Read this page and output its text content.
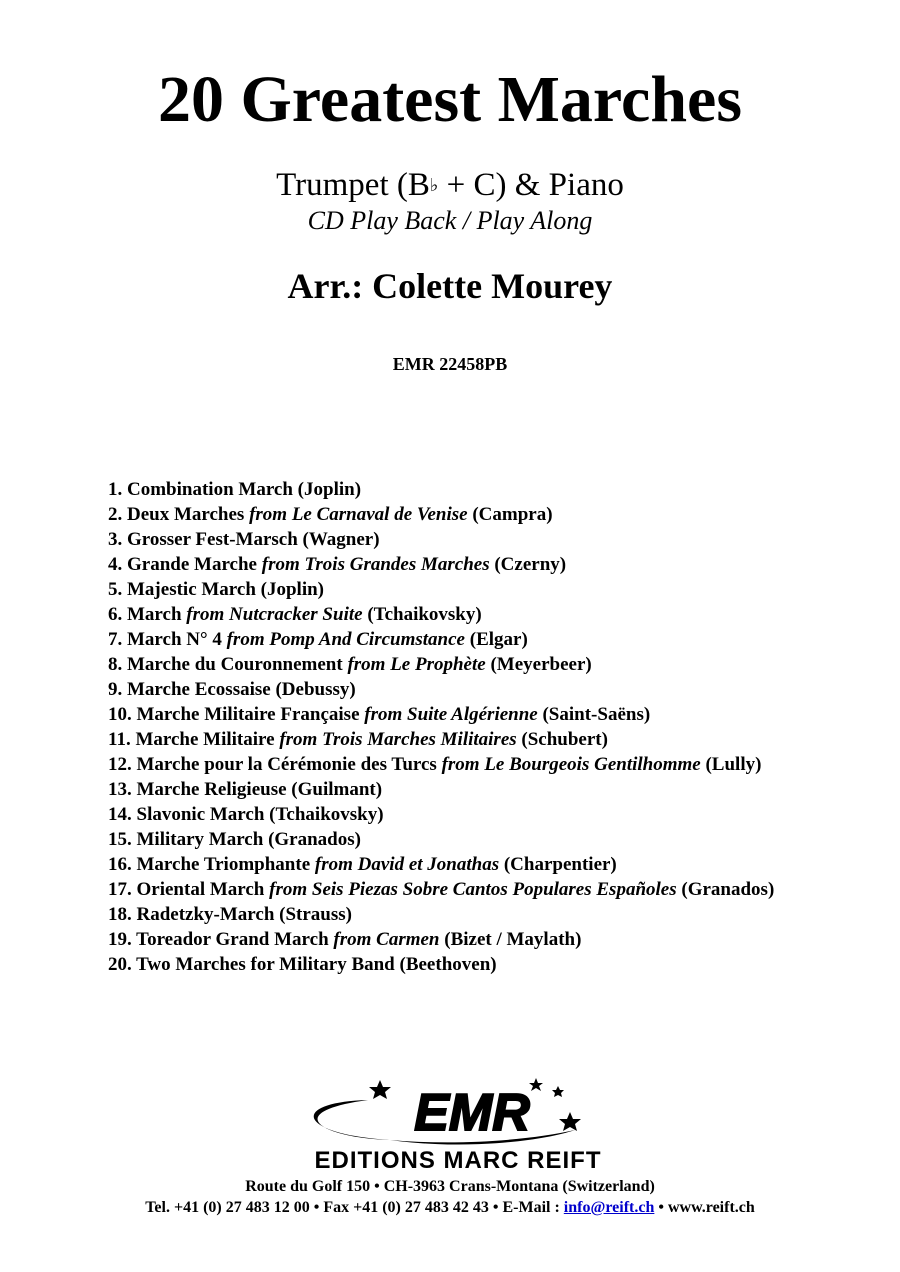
20 Greatest Marches
Trumpet (B♭ + C) & Piano
CD Play Back / Play Along
Arr.: Colette Mourey
EMR 22458PB
1. Combination March (Joplin)
2. Deux Marches from Le Carnaval de Venise (Campra)
3. Grosser Fest-Marsch (Wagner)
4. Grande Marche from Trois Grandes Marches (Czerny)
5. Majestic March (Joplin)
6. March from Nutcracker Suite (Tchaikovsky)
7. March N° 4 from Pomp And Circumstance (Elgar)
8. Marche du Couronnement from Le Prophète (Meyerbeer)
9. Marche Ecossaise (Debussy)
10. Marche Militaire Française from Suite Algérienne (Saint-Saëns)
11. Marche Militaire from Trois Marches Militaires (Schubert)
12. Marche pour la Cérémonie des Turcs from Le Bourgeois Gentilhomme (Lully)
13. Marche Religieuse (Guilmant)
14. Slavonic March (Tchaikovsky)
15. Military March (Granados)
16. Marche Triomphante from David et Jonathas (Charpentier)
17. Oriental March from Seis Piezas Sobre Cantos Populares Españoles (Granados)
18. Radetzky-March (Strauss)
19. Toreador Grand March from Carmen (Bizet / Maylath)
20. Two Marches for Military Band (Beethoven)
EMR
EDITIONS MARC REIFT
Route du Golf 150 • CH-3963 Crans-Montana (Switzerland)
Tel. +41 (0) 27 483 12 00 • Fax +41 (0) 27 483 42 43 • E-Mail : info@reift.ch • www.reift.ch
